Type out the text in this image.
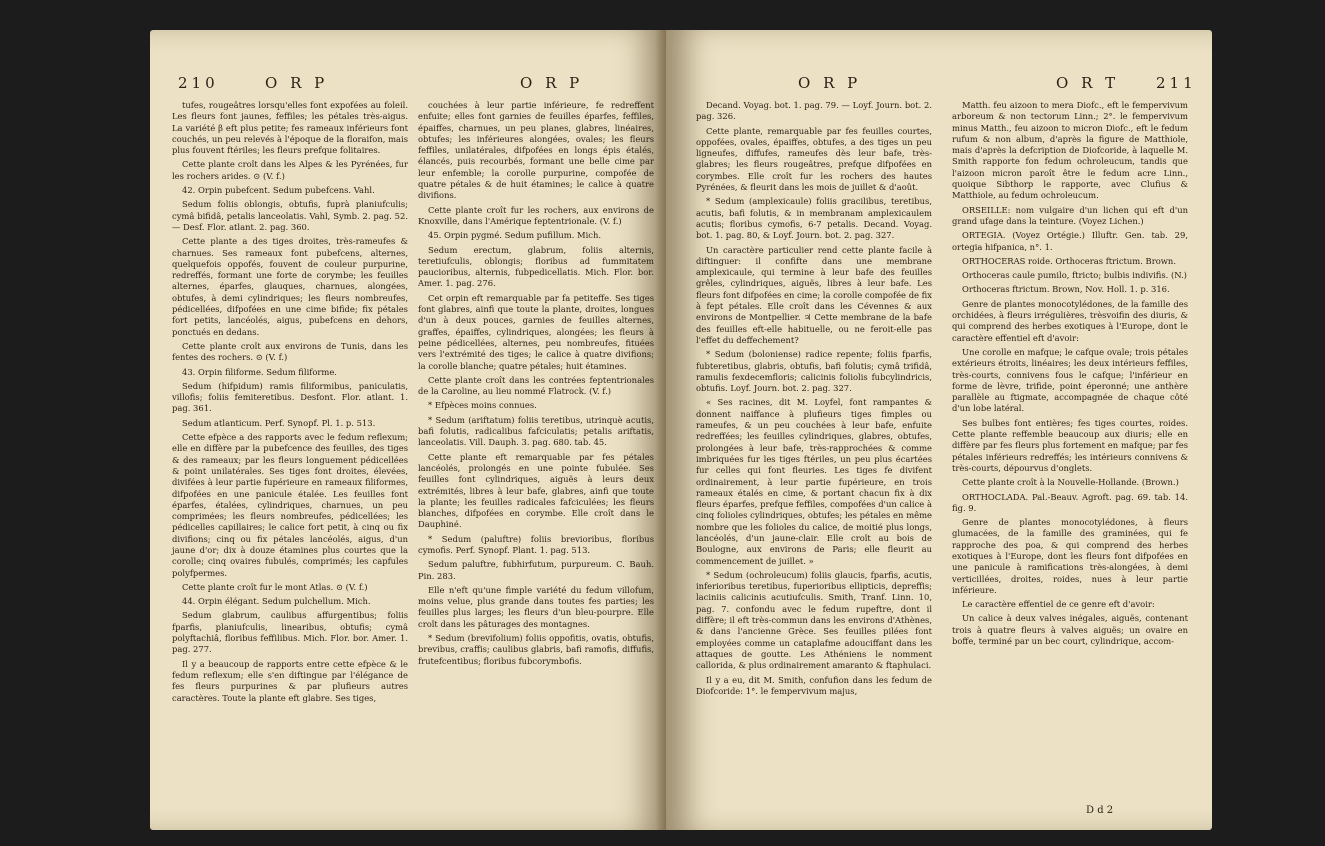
210	O R P	O R P

tufes, rougeâtres lorsqu'elles font expofées au foleil. Les fleurs font jaunes, feffiles; les pétales très-aigus. La variété β eft plus petite; fes rameaux inférieurs font couchés, un peu relevés à l'époque de la floraifon, mais plus fouvent ftériles; les fleurs prefque folitaires.

Cette plante croît dans les Alpes & les Pyrénées, fur les rochers arides. ⊙ (V. f.)

42. Orpin pubefcent. Sedum pubefcens. Vahl.

Sedum foliis oblongis, obtufis, fuprà planiufculis; cymâ bifidâ, petalis lanceolatis. Vahl, Symb. 2. pag. 52. — Desf. Flor. atlant. 2. pag. 360.

Cette plante a des tiges droites, très-rameufes & charnues. Ses rameaux font pubefcens, alternes, quelquefois oppofés, fouvent de couleur purpurine, redreffés, formant une forte de corymbe; les feuilles alternes, éparfes, glauques, charnues, alongées, obtufes, à demi cylindriques; les fleurs nombreufes, pédicellées, difpofées en une cime bifide; fix pétales fort petits, lancéolés, aigus, pubefcens en dehors, ponctués en dedans.

Cette plante croît aux environs de Tunis, dans les fentes des rochers. ⊙ (V. f.)

43. Orpin filiforme. Sedum filiforme.

Sedum (hifpidum) ramis filiformibus, paniculatis, villofis; foliis femiteretibus. Desfont. Flor. atlant. 1. pag. 361.

Sedum atlanticum. Perf. Synopf. Pl. 1. p. 513.

Cette efpèce a des rapports avec le fedum reflexum; elle en diffère par la pubefcence des feuilles, des tiges & des rameaux; par les fleurs longuement pédicellées & point unilatérales. Ses tiges font droites, élevées, divifées à leur partie fupérieure en rameaux filiformes, difpofées en une panicule étalée. Les feuilles font éparfes, étalées, cylindriques, charnues, un peu comprimées; les fleurs nombreufes, pédicellées; les pédicelles capillaires; le calice fort petit, à cinq ou fix divifions; cinq ou fix pétales lancéolés, aigus, d'un jaune d'or; dix à douze étamines plus courtes que la corolle; cinq ovaires fubulés, comprimés; les capfules polyfpermes.

Cette plante croît fur le mont Atlas. ⊙ (V. f.)

44. Orpin élégant. Sedum pulchellum. Mich.

Sedum glabrum, caulibus affurgentibus; foliis fparfis, planiufculis, linearibus, obtufis; cymâ polyftachiâ, floribus feffilibus. Mich. Flor. bor. Amer. 1. pag. 277.

Il y a beaucoup de rapports entre cette efpèce & le fedum reflexum; elle s'en diftingue par l'élégance de fes fleurs purpurines & par plufieurs autres caractères. Toute la plante eft glabre. Ses tiges,

couchées à leur partie inférieure, fe redreffent enfuite; elles font garnies de feuilles éparfes, feffiles, épaiffes, charnues, un peu planes, glabres, linéaires, obtufes; les inférieures alongées, ovales; les fleurs feffiles, unilatérales, difpofées en longs épis étalés, élancés, puis recourbés, formant une belle cime par leur enfemble; la corolle purpurine, compofée de quatre pétales & de huit étamines; le calice à quatre divifions.

Cette plante croît fur les rochers, aux environs de Knoxville, dans l'Amérique feptentrionale. (V. f.)

45. Orpin pygmé. Sedum pufillum. Mich.

Sedum erectum, glabrum, foliis alternis, teretiufculis, oblongis; floribus ad fummitatem paucioribus, alternis, fubpedicellatis. Mich. Flor. bor. Amer. 1. pag. 276.

Cet orpin eft remarquable par fa petiteffe. Ses tiges font glabres, ainfi que toute la plante, droites, longues d'un à deux pouces, garnies de feuilles alternes, graffes, épaiffes, cylindriques, alongées; les fleurs à peine pédicellées, alternes, peu nombreufes, fituées vers l'extrémité des tiges; le calice à quatre divifions; la corolle blanche; quatre pétales; huit étamines.

Cette plante croît dans les contrées feptentrionales de la Caroline, au lieu nommé Flatrock. (V. f.)

* Efpèces moins connues.

* Sedum (ariftatum) foliis teretibus, utrinquè acutis, bafi folutis, radicalibus fafciculatis; petalis ariftatis, lanceolatis. Vill. Dauph. 3. pag. 680. tab. 45.

Cette plante eft remarquable par fes pétales lancéolés, prolongés en une pointe fubulée. Ses feuilles font cylindriques, aiguës à leurs deux extrémités, libres à leur bafe, glabres, ainfi que toute la plante; les feuilles radicales fafciculées; les fleurs blanches, difpofées en corymbe. Elle croît dans le Dauphiné.

* Sedum (paluftre) foliis brevioribus, floribus cymofis. Perf. Synopf. Plant. 1. pag. 513.

Sedum paluftre, fubhirfutum, purpureum. C. Bauh. Pin. 283.

Elle n'eft qu'une fimple variété du fedum villofum, moins velue, plus grande dans toutes fes parties; les feuilles plus larges; les fleurs d'un bleu-pourpre. Elle croît dans les pâturages des montagnes.

* Sedum (brevifolium) foliis oppofitis, ovatis, obtufis, brevibus, craffis; caulibus glabris, bafi ramofis, diffufis, frutefcentibus; floribus fubcorymbofis.

O R P	O R T 211

Decand. Voyag. bot. 1. pag. 79. — Loyf. Journ. bot. 2. pag. 326.

Cette plante, remarquable par fes feuilles courtes, oppofées, ovales, épaiffes, obtufes, a des tiges un peu ligneufes, diffufes, rameufes dès leur bafe, très-glabres; les fleurs rougeâtres, prefque difpofées en corymbes. Elle croît fur les rochers des hautes Pyrénées, & fleurit dans les mois de juillet & d'août.

* Sedum (amplexicaule) foliis gracilibus, teretibus, acutis, bafi folutis, & in membranam amplexicaulem acutis; floribus cymofis, 6-7 petalis. Decand. Voyag. bot. 1. pag. 80, & Loyf. Journ. bot. 2. pag. 327.

Un caractère particulier rend cette plante facile à diftinguer: il confifte dans une membrane amplexicaule, qui termine à leur bafe des feuilles grêles, cylindriques, aiguës, libres à leur bafe. Les fleurs font difpofées en cime; la corolle compofée de fix à fept pétales. Elle croît dans les Cévennes & aux environs de Montpellier. ♃ Cette membrane de la bafe des feuilles eft-elle habituelle, ou ne feroit-elle pas l'effet du deffechement?

* Sedum (boloniense) radice repente; foliis fparfis, fubteretibus, glabris, obtufis, bafi folutis; cymâ trifidâ, ramulis fexdecemfloris; calicinis foliolis fubcylindricis, obtufis. Loyf. Journ. bot. 2. pag. 327.

« Ses racines, dit M. Loyfel, font rampantes & donnent naiffance à plufieurs tiges fimples ou rameufes, & un peu couchées à leur bafe, enfuite redreffées; les feuilles cylindriques, glabres, obtufes, prolongées à leur bafe, très-rapprochées & comme imbriquées fur les tiges ftériles, un peu plus écartées fur celles qui font fleuries. Les tiges fe divifent ordinairement, à leur partie fupérieure, en trois rameaux étalés en cime, & portant chacun fix à dix fleurs éparfes, prefque feffiles, compofées d'un calice à cinq folioles cylindriques, obtufes; les pétales en même nombre que les folioles du calice, de moitié plus longs, lancéolés, d'un jaune-clair. Elle croît au bois de Boulogne, aux environs de Paris; elle fleurit au commencement de juillet. »

* Sedum (ochroleucum) foliis glaucis, fparfis, acutis, inferioribus teretibus, fuperioribus ellipticis, depreffis; laciniis calicinis acutiufculis. Smith, Tranf. Linn. 10, pag. 7. confondu avec le fedum rupeftre, dont il diffère; il eft très-commun dans les environs d'Athènes, & dans l'ancienne Grèce. Ses feuilles pilées font employées comme un cataplafme adouciffant dans les attaques de goutte. Les Athéniens le nomment callorida, & plus ordinairement amaranto & ftaphulaci.

Il y a eu, dit M. Smith, confufion dans les fedum de Diofcoride: 1°. le fempervivum majus,

Matth. feu aizoon to mera Diofc., eft le fempervivum arboreum & non tectorum Linn.; 2°. le fempervivum minus Matth., feu aizoon to micron Diofc., eft le fedum rufum & non album, d'après la figure de Matthiole, mais d'après la defcription de Diofcoride, à laquelle M. Smith rapporte fon fedum ochroleucum, tandis que l'aizoon micron paroît être le fedum acre Linn., quoique Sibthorp le rapporte, avec Clufius & Matthiole, au fedum ochroleucum.

ORSEILLE: nom vulgaire d'un lichen qui eft d'un grand ufage dans la teinture. (Voyez Lichen.)

ORTEGIA. (Voyez Ortégie.) Illuftr. Gen. tab. 29, ortegia hifpanica, n°. 1.

ORTHOCERAS roide. Orthoceras ftrictum. Brown.

Orthoceras caule pumilo, ftricto; bulbis indivifis. (N.)

Orthoceras ftrictum. Brown, Nov. Holl. 1. p. 316.

Genre de plantes monocotylédones, de la famille des orchidées, à fleurs irrégulières, trèsvoifin des diuris, & qui comprend des herbes exotiques à l'Europe, dont le caractère effentiel eft d'avoir:

Une corolle en mafque; le cafque ovale; trois pétales extérieurs étroits, linéaires; les deux intérieurs feffiles, très-courts, connivens fous le cafque; l'inférieur en forme de lèvre, trifide, point éperonné; une anthère parallèle au ftigmate, accompagnée de chaque côté d'un lobe latéral.

Ses bulbes font entières; fes tiges courtes, roides. Cette plante reffemble beaucoup aux diuris; elle en diffère par fes fleurs plus fortement en mafque; par fes pétales inférieurs redreffés; les intérieurs connivens & très-courts, dépourvus d'onglets.

Cette plante croît à la Nouvelle-Hollande. (Brown.)

ORTHOCLADA. Pal.-Beauv. Agroft. pag. 69. tab. 14. fig. 9.

Genre de plantes monocotylédones, à fleurs glumacées, de la famille des graminées, qui fe rapproche des poa, & qui comprend des herbes exotiques à l'Europe, dont les fleurs font difpofées en une panicule à ramifications très-alongées, à demi verticillées, droites, roides, nues à leur partie inférieure.

Le caractère effentiel de ce genre eft d'avoir:

Un calice à deux valves inégales, aiguës, contenant trois à quatre fleurs à valves aiguës; un ovaire en boffe, terminé par un bec court, cylindrique, accom-

D d 2
